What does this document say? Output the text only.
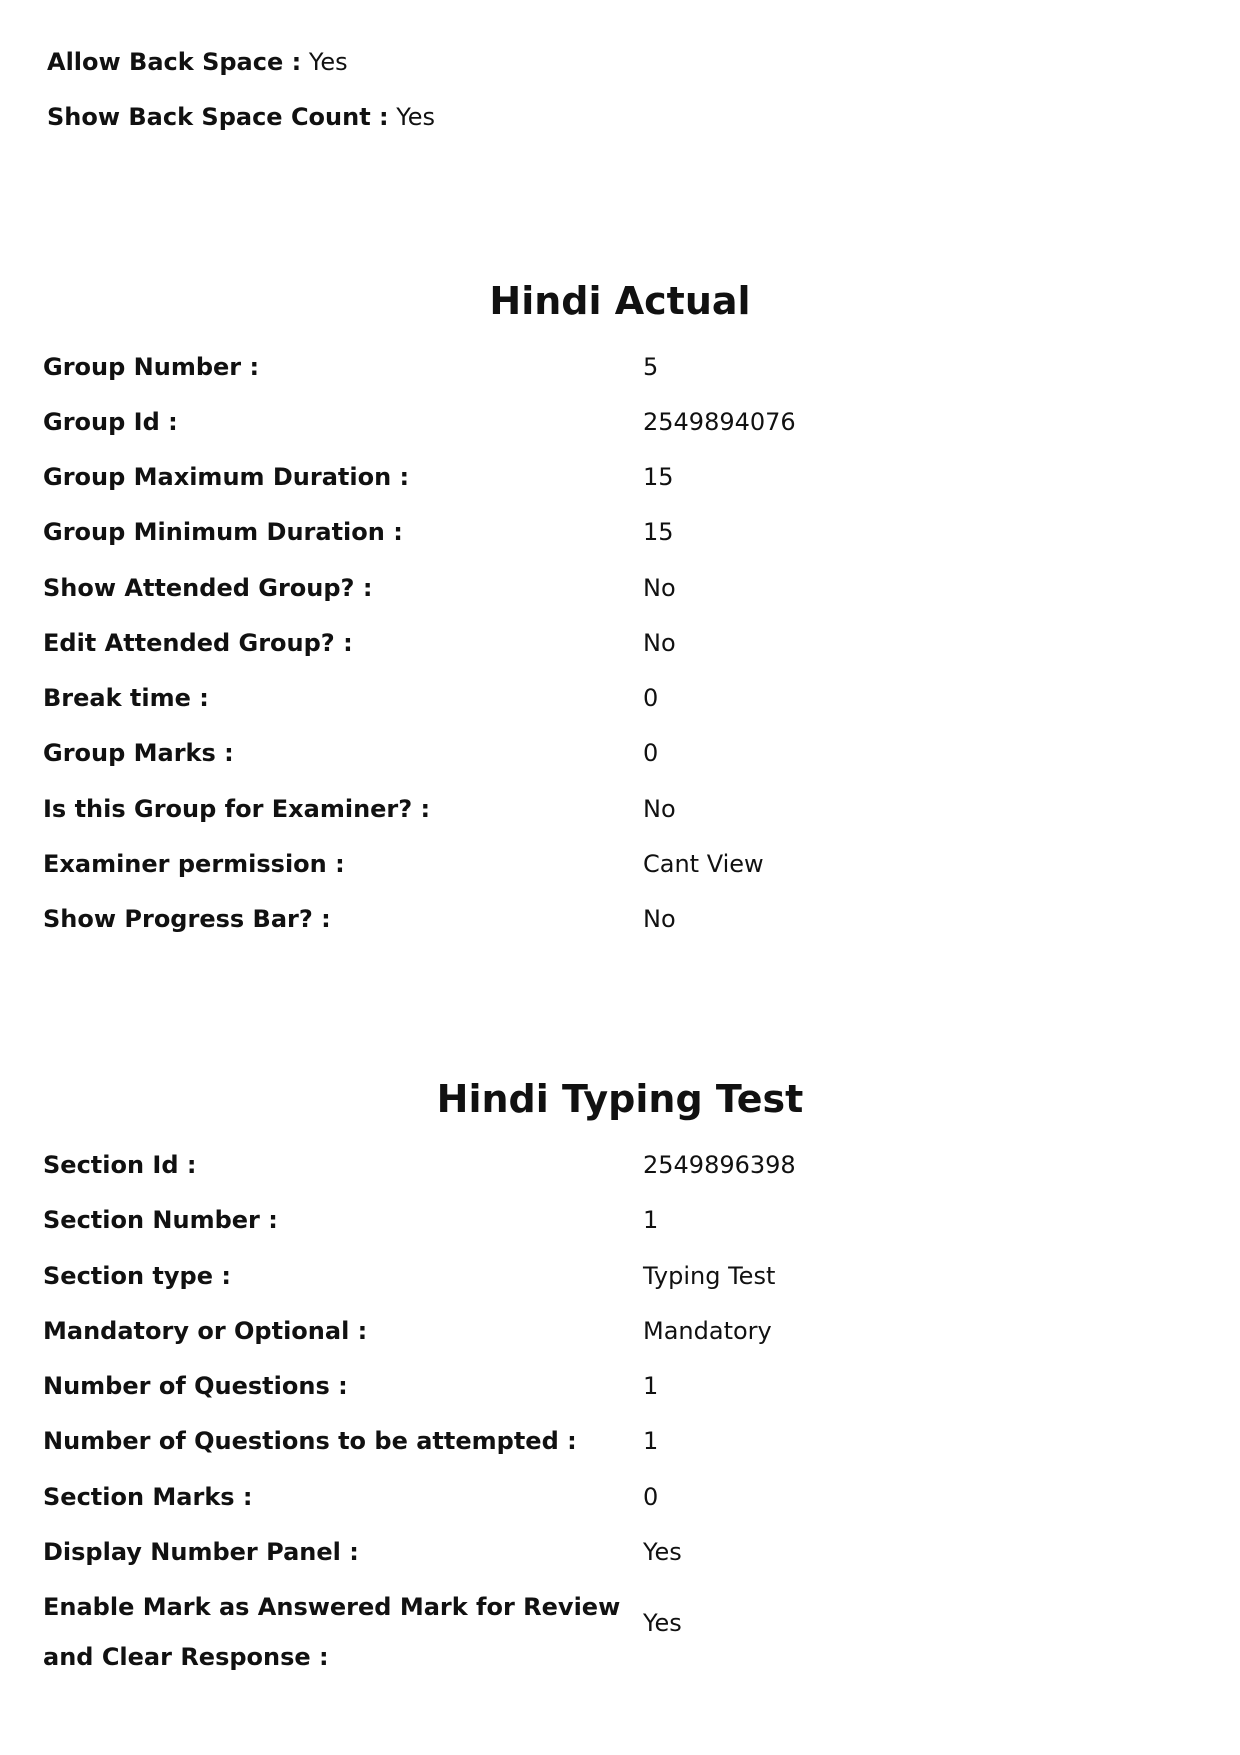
Allow Back Space : Yes
Show Back Space Count : Yes
Hindi Actual
Group Number :	5
Group Id :	2549894076
Group Maximum Duration :	15
Group Minimum Duration :	15
Show Attended Group? :	No
Edit Attended Group? :	No
Break time :	0
Group Marks :	0
Is this Group for Examiner? :	No
Examiner permission :	Cant View
Show Progress Bar? :	No
Hindi Typing Test
Section Id :	2549896398
Section Number :	1
Section type :	Typing Test
Mandatory or Optional :	Mandatory
Number of Questions :	1
Number of Questions to be attempted :	1
Section Marks :	0
Display Number Panel :	Yes
Enable Mark as Answered Mark for Review and Clear Response :
Yes
